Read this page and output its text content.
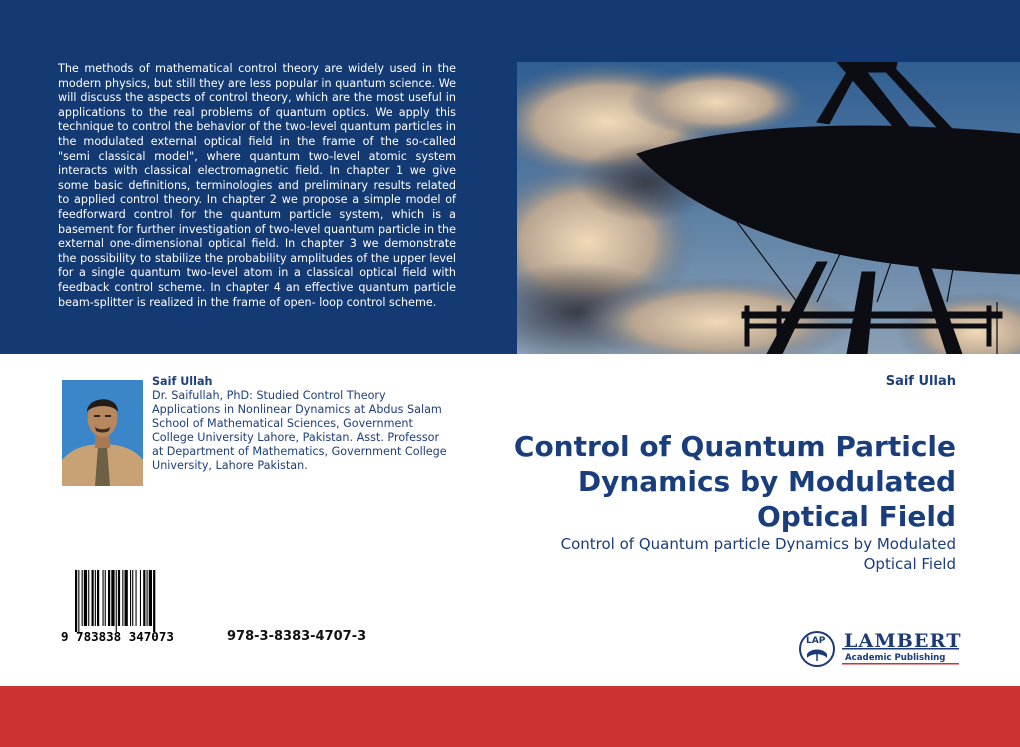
The methods of mathematical control theory are widely used in the modern physics, but still they are less popular in quantum science. We will discuss the aspects of control theory, which are the most useful in applications to the real problems of quantum optics. We apply this technique to control the behavior of the two-level quantum particles in the modulated external optical field in the frame of the so-called "semi classical model", where quantum two-level atomic system interacts with classical electromagnetic field. In chapter 1 we give some basic definitions, terminologies and preliminary results related to applied control theory. In chapter 2 we propose a simple model of feedforward control for the quantum particle system, which is a basement for further investigation of two-level quantum particle in the external one-dimensional optical field. In chapter 3 we demonstrate the possibility to stabilize the probability amplitudes of the upper level for a single quantum two-level atom in a classical optical field with feedback control scheme. In chapter 4 an effective quantum particle beam-splitter is realized in the frame of open- loop control scheme.

Saif Ullah
Dr. Saifullah, PhD: Studied Control Theory Applications in Nonlinear Dynamics at Abdus Salam School of Mathematical Sciences, Government College University Lahore, Pakistan. Asst. Professor at Department of Mathematics, Government College University, Lahore Pakistan.
Saif Ullah
Control of Quantum Particle Dynamics by Modulated Optical Field

Control of Quantum particle Dynamics by Modulated Optical Field

9 783838 347073	978-3-8383-4707-3	LAP LAMBERT
Academic Publishing
